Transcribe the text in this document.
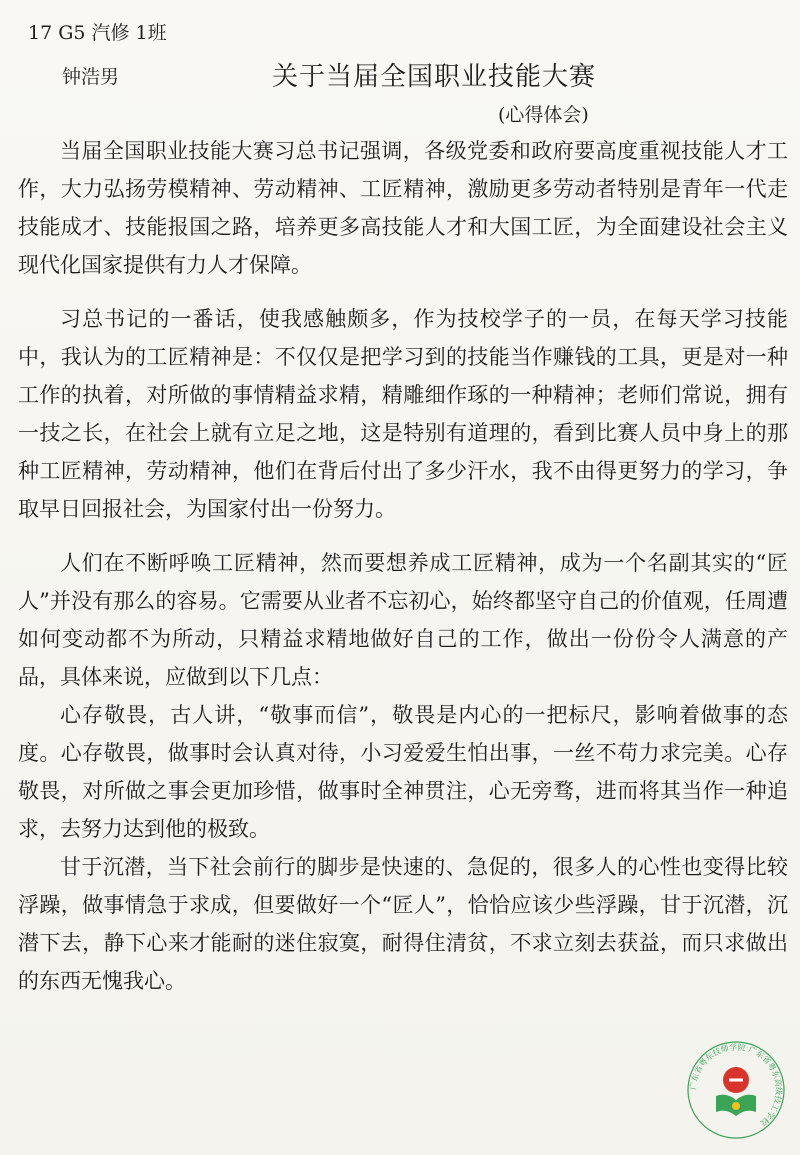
17 G5 汽修 1班
钟浩男	关于当届全国职业技能大赛
(心得体会)

当届全国职业技能大赛习总书记强调，各级党委和政府要高度重视技能人才工作，大力弘扬劳模精神、劳动精神、工匠精神，激励更多劳动者特别是青年一代走技能成才、技能报国之路，培养更多高技能人才和大国工匠，为全面建设社会主义现代化国家提供有力人才保障。

习总书记的一番话，使我感触颇多，作为技校学子的一员，在每天学习技能中，我认为的工匠精神是：不仅仅是把学习到的技能当作赚钱的工具，更是对一种工作的执着，对所做的事情精益求精，精雕细作琢的一种精神；老师们常说，拥有一技之长，在社会上就有立足之地，这是特别有道理的，看到比赛人员中身上的那种工匠精神，劳动精神，他们在背后付出了多少汗水，我不由得更努力的学习，争取早日回报社会，为国家付出一份努力。

人们在不断呼唤工匠精神，然而要想养成工匠精神，成为一个名副其实的“匠人”并没有那么的容易。它需要从业者不忘初心，始终都坚守自己的价值观，任周遭如何变动都不为所动，只精益求精地做好自己的工作，做出一份份令人满意的产品，具体来说，应做到以下几点：

心存敬畏，古人讲，“敬事而信”，敬畏是内心的一把标尺，影响着做事的态度。心存敬畏，做事时会认真对待，小习爱爱生怕出事，一丝不苟力求完美。心存敬畏，对所做之事会更加珍惜，做事时全神贯注，心无旁骛，进而将其当作一种追求，去努力达到他的极致。

甘于沉潜，当下社会前行的脚步是快速的、急促的，很多人的心性也变得比较浮躁，做事情急于求成，但要做好一个“匠人”，恰恰应该少些浮躁，甘于沉潜，沉潜下去，静下心来才能耐的迷住寂寞，耐得住清贫，不求立刻去获益，而只求做出的东西无愧我心。

广东省粤东技师学院 广东省粤东高级技工学校
